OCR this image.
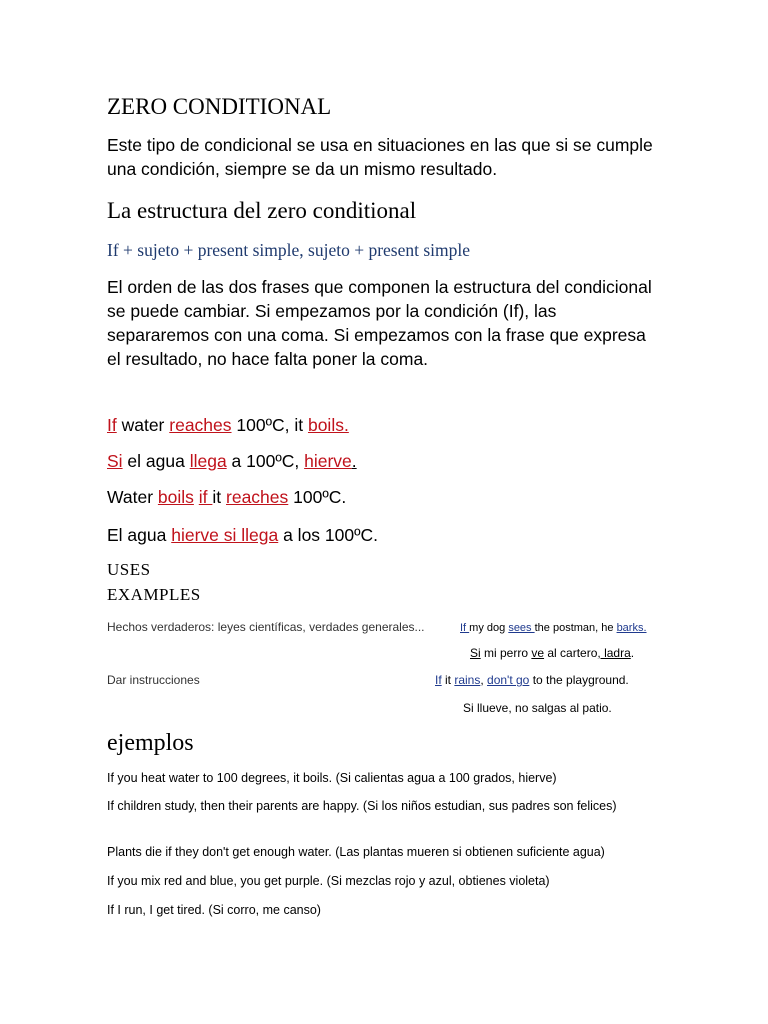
ZERO CONDITIONAL
Este tipo de condicional se usa en situaciones en las que si se cumple una condición, siempre se da un mismo resultado.
La estructura del zero conditional
If + sujeto + present simple, sujeto + present simple
El orden de las dos frases que componen la estructura del condicional se puede cambiar. Si empezamos por la condición (If), las separaremos con una coma. Si empezamos con la frase que expresa el resultado, no hace falta poner la coma.
If water reaches 100ºC, it boils.
Si el agua llega a 100ºC, hierve.
Water boils if it reaches 100ºC.
El agua hierve si llega a los 100ºC.
USES
EXAMPLES
Hechos verdaderos: leyes científicas, verdades generales...	If my dog sees the postman, he barks.
Si mi perro ve al cartero, ladra.
Dar instrucciones	If it rains, don't go to the playground.
Si llueve, no salgas al patio.
ejemplos
If you heat water to 100 degrees, it boils. (Si calientas agua a 100 grados, hierve)
If children study, then their parents are happy. (Si los niños estudian, sus padres son felices)
Plants die if they don't get enough water. (Las plantas mueren si obtienen suficiente agua)
If you mix red and blue, you get purple. (Si mezclas rojo y azul, obtienes violeta)
If I run, I get tired. (Si corro, me canso)
